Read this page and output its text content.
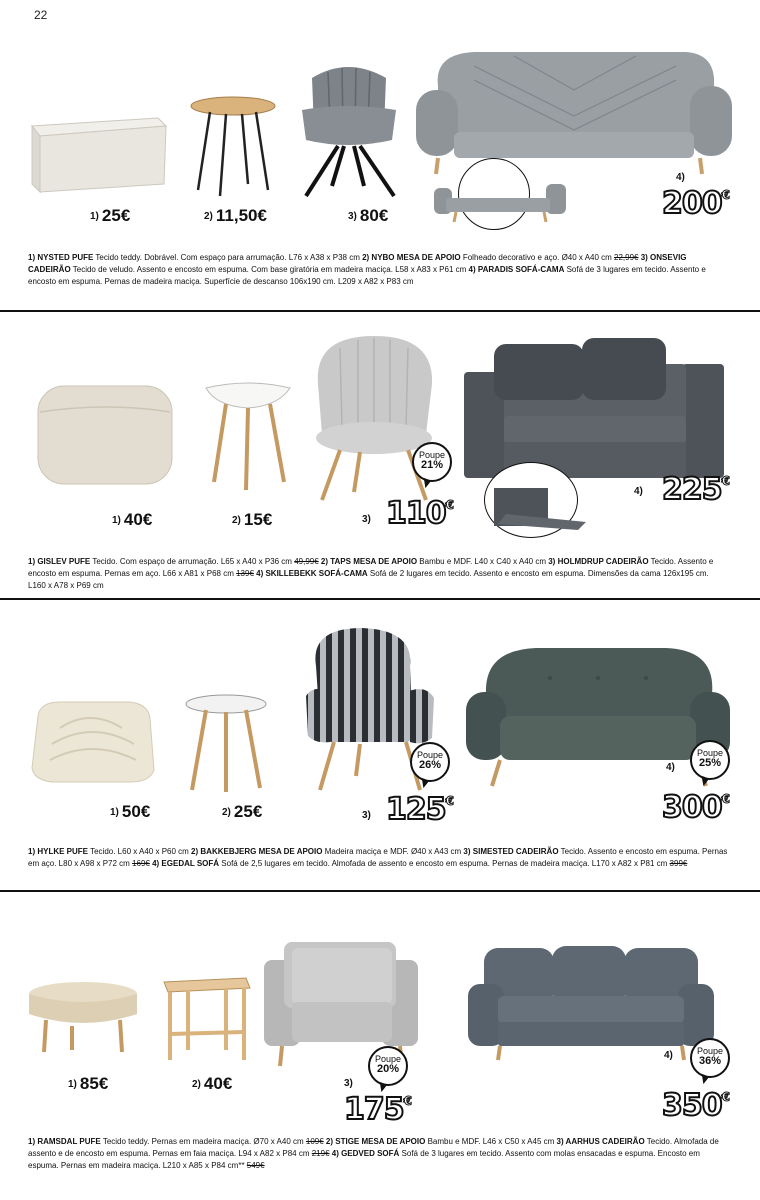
22
1) 25€	2) 11,50€	3) 80€
4)
200€
1) NYSTED PUFE Tecido teddy. Dobrável. Com espaço para arrumação. L76 x A38 x P38 cm 2) NYBO MESA DE APOIO Folheado decorativo e aço. Ø40 x A40 cm 22,99€ 3) ONSEVIG CADEIRÃO Tecido de veludo. Assento e encosto em espuma. Com base giratória em madeira maciça. L58 x A83 x P61 cm 4) PARADIS SOFÁ-CAMA Sofá de 3 lugares em tecido. Assento e encosto em espuma. Pernas de madeira maciça. Superfície de descanso 106x190 cm. L209 x A82 x P83 cm
Poupe
21%
1) 40€	2) 15€	3) 110€
4) 225€
1) GISLEV PUFE Tecido. Com espaço de arrumação. L65 x A40 x P36 cm 49,99€ 2) TAPS MESA DE APOIO Bambu e MDF. L40 x C40 x A40 cm 3) HOLMDRUP CADEIRÃO Tecido. Assento e encosto em espuma. Pernas em aço. L66 x A81 x P68 cm 139€ 4) SKILLEBEKK SOFÁ-CAMA Sofá de 2 lugares em tecido. Assento e encosto em espuma. Dimensões da cama 126x195 cm. L160 x A78 x P69 cm
Poupe
26%
Poupe
25%
1) 50€	2) 25€	3) 125€
4)
300€
1) HYLKE PUFE Tecido. L60 x A40 x P60 cm 2) BAKKEBJERG MESA DE APOIO Madeira maciça e MDF. Ø40 x A43 cm 3) SIMESTED CADEIRÃO Tecido. Assento e encosto em espuma. Pernas em aço. L80 x A98 x P72 cm 169€ 4) EGEDAL SOFÁ Sofá de 2,5 lugares em tecido. Almofada de assento e encosto em espuma. Pernas de madeira maciça. L170 x A82 x P81 cm 399€
Poupe
20%
Poupe
36%
1) 85€	2) 40€	3)
175€
4)
350€
1) RAMSDAL PUFE Tecido teddy. Pernas em madeira maciça. Ø70 x A40 cm 109€ 2) STIGE MESA DE APOIO Bambu e MDF. L46 x C50 x A45 cm 3) AARHUS CADEIRÃO Tecido. Almofada de assento e de encosto em espuma. Pernas em faia maciça. L94 x A82 x P84 cm 219€ 4) GEDVED SOFÁ Sofá de 3 lugares em tecido. Assento com molas ensacadas e espuma. Encosto em espuma. Pernas em madeira maciça. L210 x A85 x P84 cm** 549€
